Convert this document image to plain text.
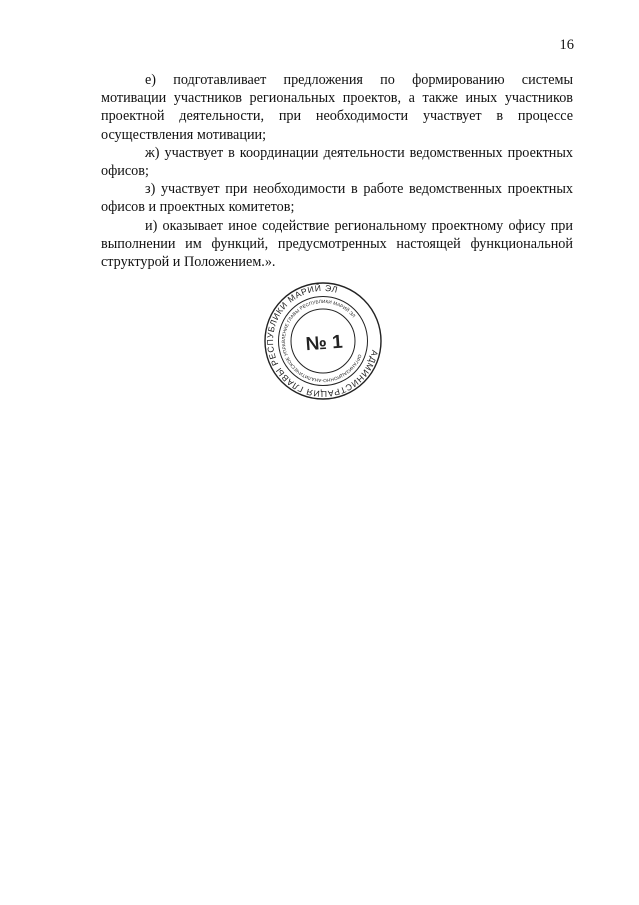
16

е) подготавливает предложения по формированию системы мотивации участников региональных проектов, а также иных участников проектной деятельности, при необходимости участвует в процессе осуществления мотивации;

ж) участвует в координации деятельности ведомственных проектных офисов;

з) участвует при необходимости в работе ведомственных проектных офисов и проектных комитетов;

и) оказывает иное содействие региональному проектному офису при выполнении им функций, предусмотренных настоящей функциональной структурой и Положением.».

АДМИНИСТРАЦИЯ ГЛАВЫ РЕСПУБЛИКИ МАРИЙ ЭЛ
ОРГАНИЗАЦИОННО-АНАЛИТИЧЕСКОЕ УПРАВЛЕНИЕ ГЛАВЫ РЕСПУБЛИКИ МАРИЙ ЭЛ
№ 1
